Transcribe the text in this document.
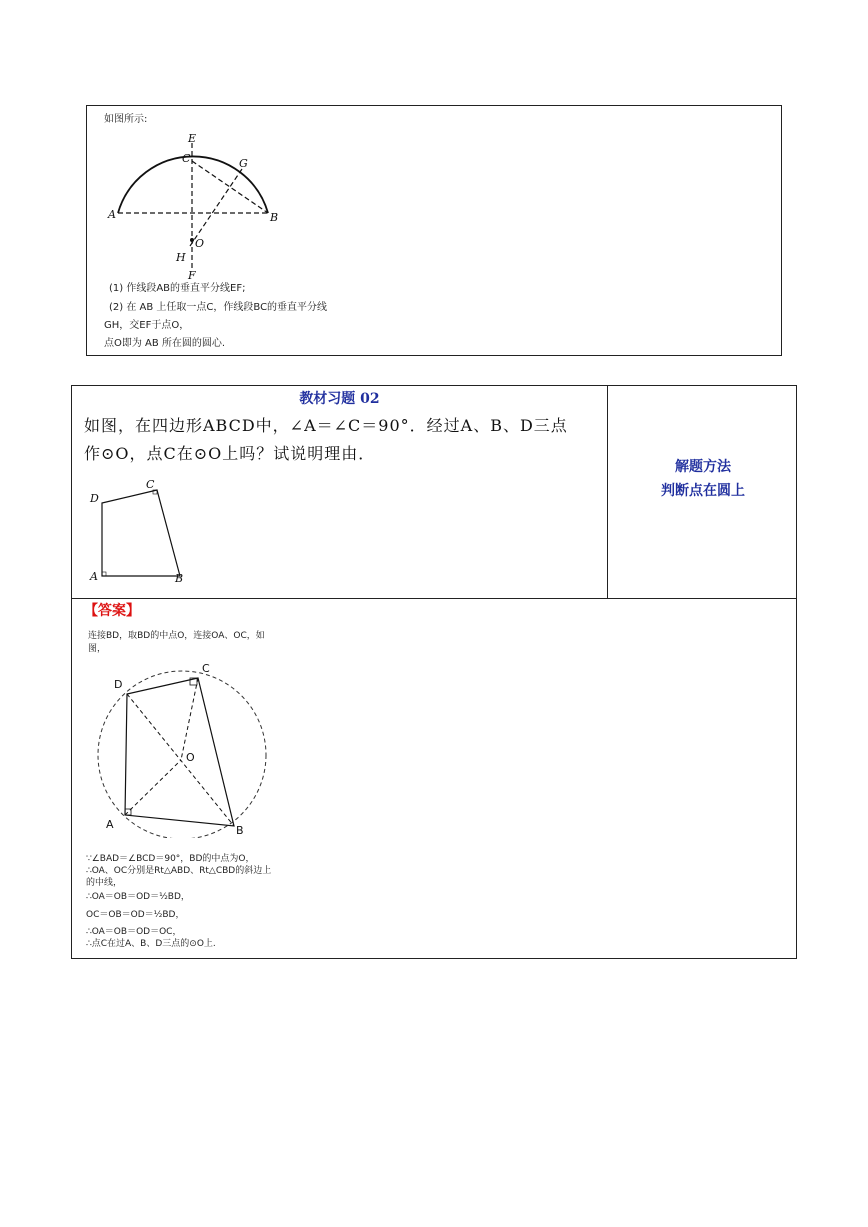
如图所示:
E
C	G
A	B
O
H
F
(1) 作线段AB的垂直平分线EF;
(2) 在 AB 上任取一点C，作线段BC的垂直平分线
GH，交EF于点O，
点O即为 AB 所在圆的圆心.
教材习题 02
如图，在四边形ABCD中，∠A＝∠C＝90°．经过A、B、D三点
作⊙O，点C在⊙O上吗？试说明理由．
D
C
A	B
解题方法
判断点在圆上
【答案】
连接BD，取BD的中点O，连接OA、OC，如
图，
D
C
A	B
O
∵∠BAD＝∠BCD＝90°，BD的中点为O，
∴OA、OC分别是Rt△ABD、Rt△CBD的斜边上
的中线，
∴OA＝OB＝OD＝½BD，
OC＝OB＝OD＝½BD，
∴OA＝OB＝OD＝OC，
∴点C在过A、B、D三点的⊙O上.
